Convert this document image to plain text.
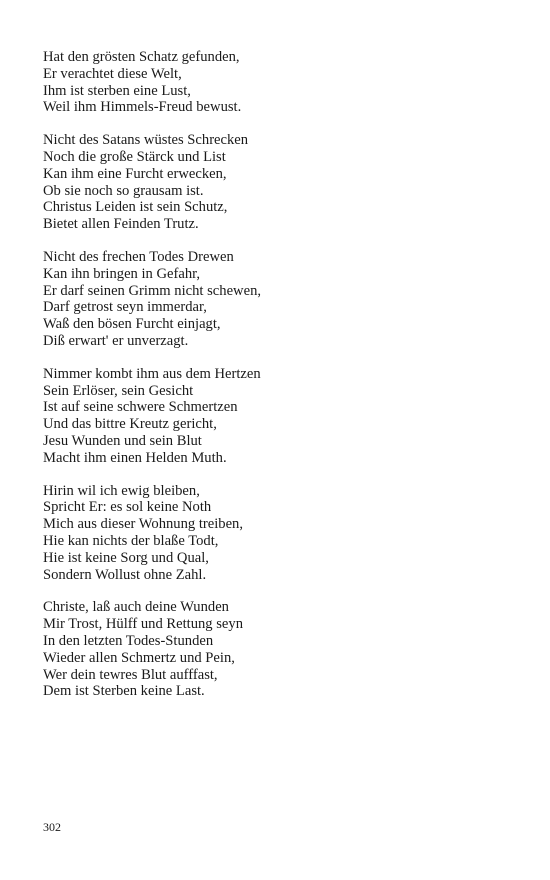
Hat den grösten Schatz gefunden,
Er verachtet diese Welt,
Ihm ist sterben eine Lust,
Weil ihm Himmels-Freud bewust.
Nicht des Satans wüstes Schrecken
Noch die große Stärck und List
Kan ihm eine Furcht erwecken,
Ob sie noch so grausam ist.
Christus Leiden ist sein Schutz,
Bietet allen Feinden Trutz.
Nicht des frechen Todes Drewen
Kan ihn bringen in Gefahr,
Er darf seinen Grimm nicht schewen,
Darf getrost seyn immerdar,
Waß den bösen Furcht einjagt,
Diß erwart' er unverzagt.
Nimmer kombt ihm aus dem Hertzen
Sein Erlöser, sein Gesicht
Ist auf seine schwere Schmertzen
Und das bittre Kreutz gericht,
Jesu Wunden und sein Blut
Macht ihm einen Helden Muth.
Hirin wil ich ewig bleiben,
Spricht Er: es sol keine Noth
Mich aus dieser Wohnung treiben,
Hie kan nichts der blaße Todt,
Hie ist keine Sorg und Qual,
Sondern Wollust ohne Zahl.
Christe, laß auch deine Wunden
Mir Trost, Hülff und Rettung seyn
In den letzten Todes-Stunden
Wieder allen Schmertz und Pein,
Wer dein tewres Blut aufffast,
Dem ist Sterben keine Last.
302
